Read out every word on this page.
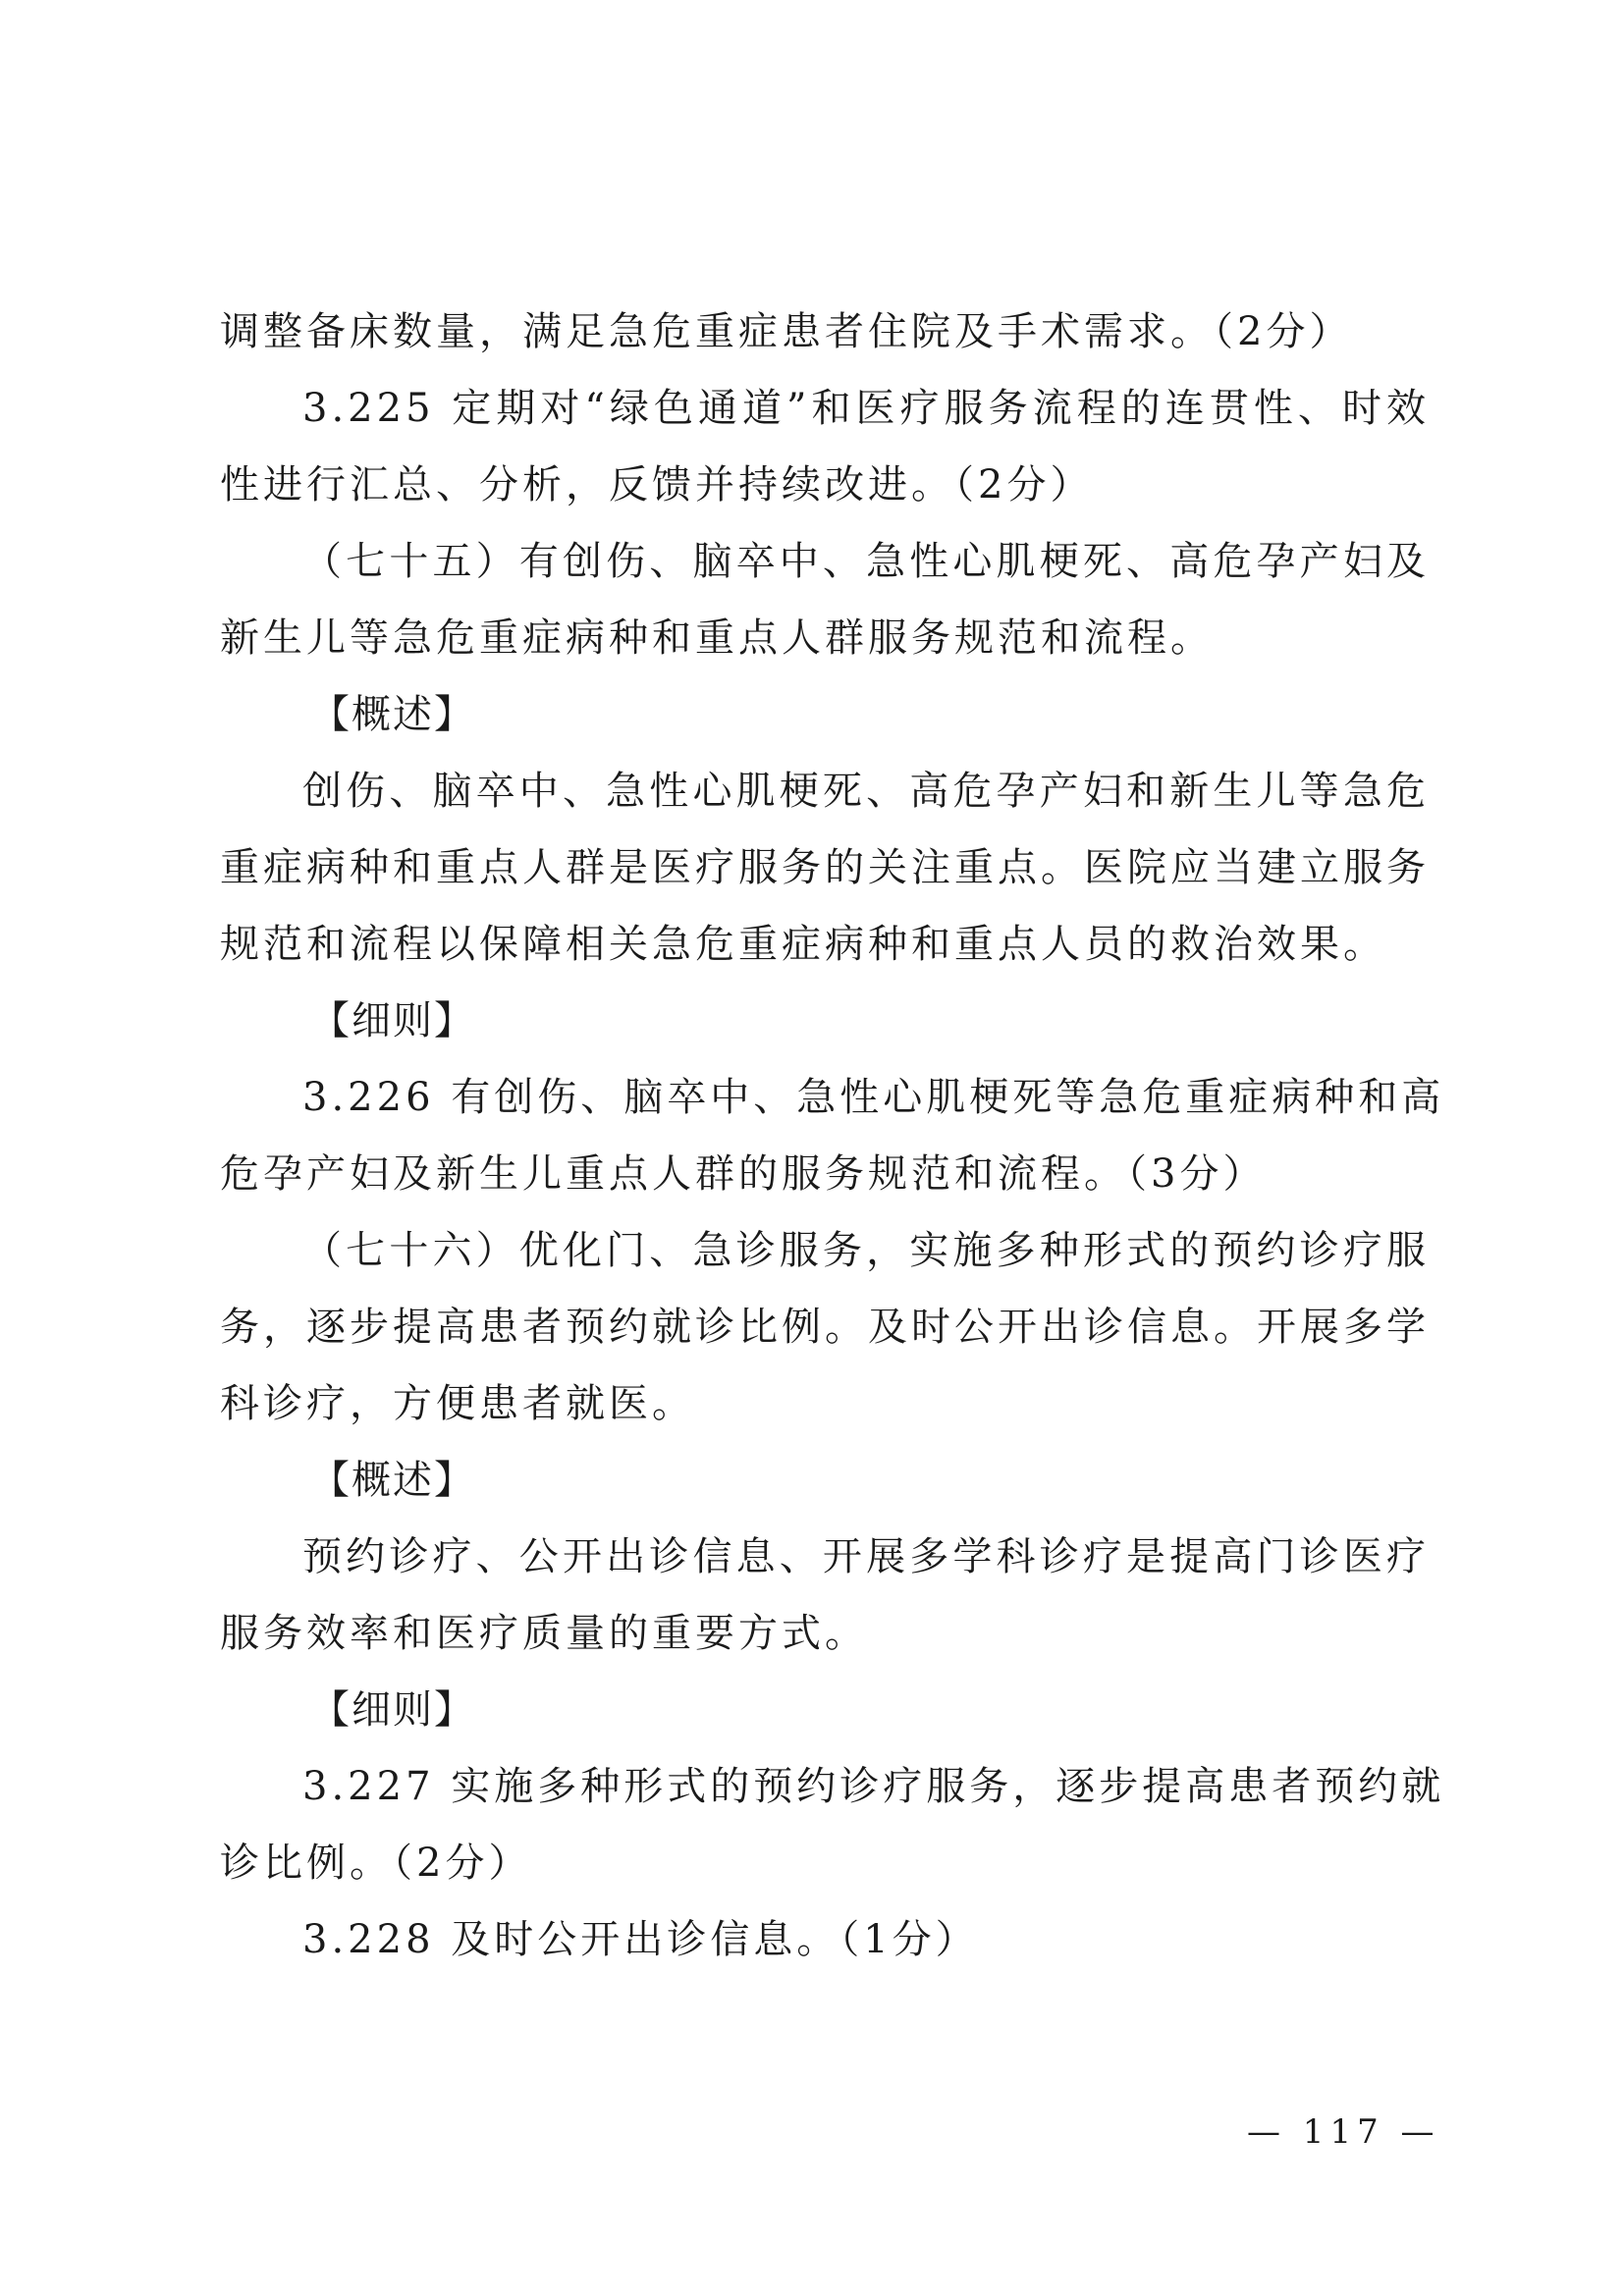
调整备床数量，满足急危重症患者住院及手术需求。（2分）
3.225 定期对“绿色通道”和医疗服务流程的连贯性、时效
性进行汇总、分析，反馈并持续改进。（2分）
（七十五）有创伤、脑卒中、急性心肌梗死、高危孕产妇及
新生儿等急危重症病种和重点人群服务规范和流程。
【概述】
创伤、脑卒中、急性心肌梗死、高危孕产妇和新生儿等急危
重症病种和重点人群是医疗服务的关注重点。医院应当建立服务
规范和流程以保障相关急危重症病种和重点人员的救治效果。
【细则】
3.226 有创伤、脑卒中、急性心肌梗死等急危重症病种和高
危孕产妇及新生儿重点人群的服务规范和流程。（3分）
（七十六）优化门、急诊服务，实施多种形式的预约诊疗服
务，逐步提高患者预约就诊比例。及时公开出诊信息。开展多学
科诊疗，方便患者就医。
【概述】
预约诊疗、公开出诊信息、开展多学科诊疗是提高门诊医疗
服务效率和医疗质量的重要方式。
【细则】
3.227 实施多种形式的预约诊疗服务，逐步提高患者预约就
诊比例。（2分）
3.228 及时公开出诊信息。（1分）
— 117 —
